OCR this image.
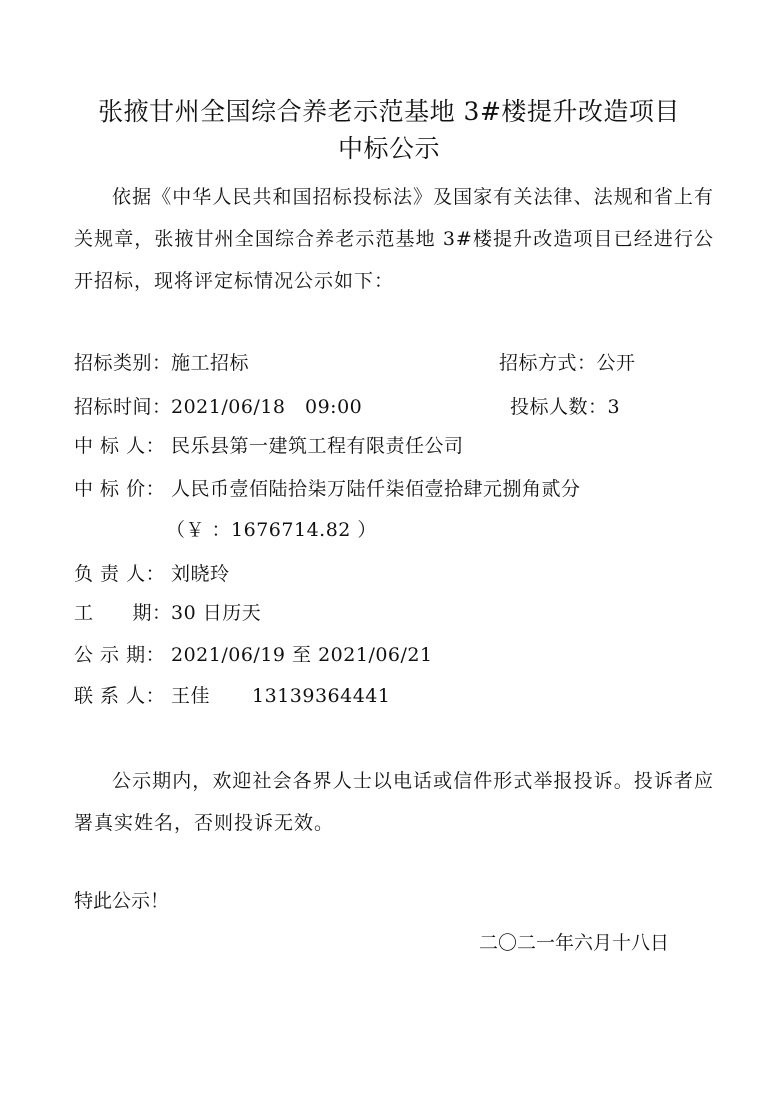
张掖甘州全国综合养老示范基地 3#楼提升改造项目
中标公示
依据《中华人民共和国招标投标法》及国家有关法律、法规和省上有关规章，张掖甘州全国综合养老示范基地 3#楼提升改造项目已经进行公开招标，现将评定标情况公示如下：
招标类别：施工招标	招标方式：公开
招标时间：2021/06/18　09:00	投标人数：3
中 标 人： 民乐县第一建筑工程有限责任公司
中 标 价： 人民币壹佰陆拾柒万陆仟柒佰壹拾肆元捌角贰分
（￥ ：1676714.82 ）
负 责 人： 刘晓玲
工　　期：30 日历天
公 示 期： 2021/06/19 至 2021/06/21
联 系 人： 王佳 13139364441
公示期内，欢迎社会各界人士以电话或信件形式举报投诉。投诉者应署真实姓名，否则投诉无效。
特此公示！
二〇二一年六月十八日
